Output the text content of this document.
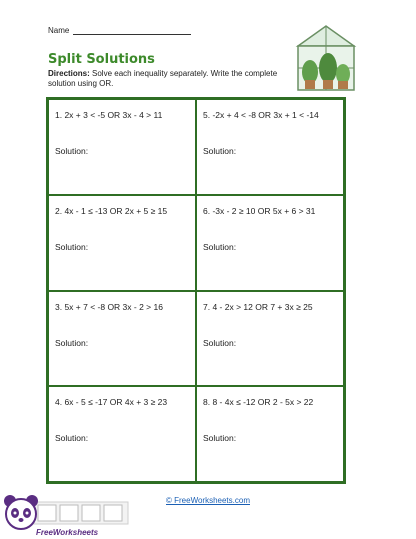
Name
Split Solutions
Directions: Solve each inequality separately. Write the complete solution using OR.
1. 2x + 3 < -5 OR 3x - 4 > 11
Solution:
5. -2x + 4 < -8 OR 3x + 1 < -14
Solution:
2. 4x - 1 ≤ -13 OR 2x + 5 ≥ 15
Solution:
6. -3x - 2 ≥ 10 OR 5x + 6 > 31
Solution:
3. 5x + 7 < -8 OR 3x - 2 > 16
Solution:
7. 4 - 2x > 12 OR 7 + 3x ≥ 25
Solution:
4. 6x - 5 ≤ -17 OR 4x + 3 ≥ 23
Solution:
8. 8 - 4x ≤ -12 OR 2 - 5x > 22
Solution:
© FreeWorksheets.com
FreeWorksheets
